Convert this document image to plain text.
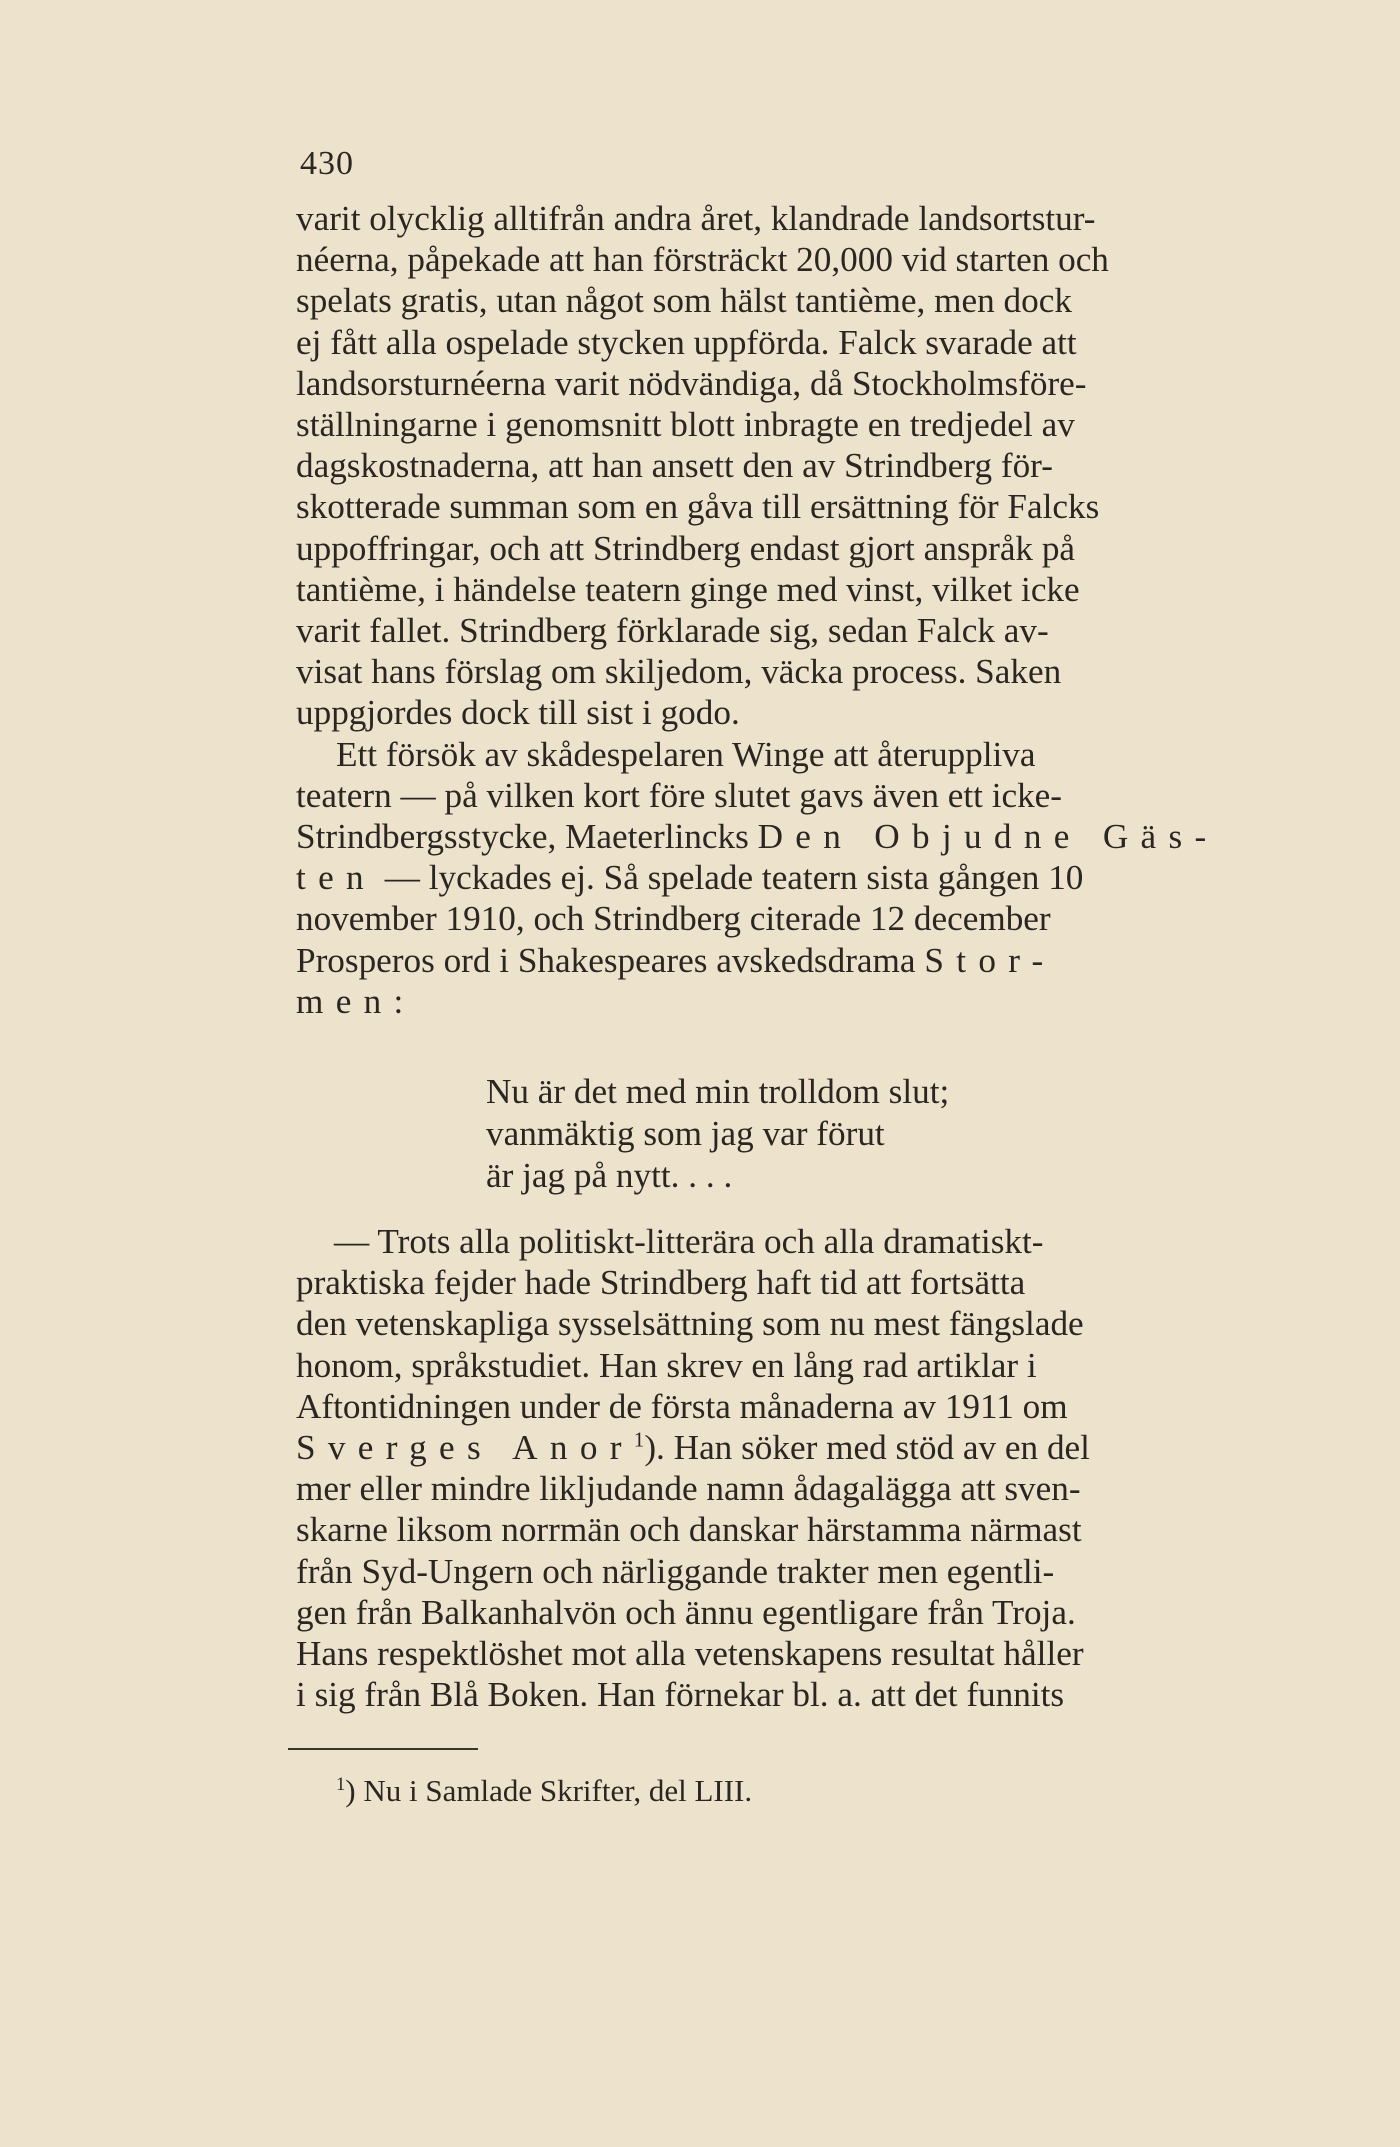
430
varit olycklig alltifrån andra året, klandrade landsortstur-
néerna, påpekade att han försträckt 20,000 vid starten och
spelats gratis, utan något som hälst tantième, men dock
ej fått alla ospelade stycken uppförda. Falck svarade att
landsorsturnéerna varit nödvändiga, då Stockholmsföre-
ställningarne i genomsnitt blott inbragte en tredjedel av
dagskostnaderna, att han ansett den av Strindberg för-
skotterade summan som en gåva till ersättning för Falcks
uppoffringar, och att Strindberg endast gjort anspråk på
tantième, i händelse teatern ginge med vinst, vilket icke
varit fallet. Strindberg förklarade sig, sedan Falck av-
visat hans förslag om skiljedom, väcka process. Saken
uppgjordes dock till sist i godo.
Ett försök av skådespelaren Winge att återuppliva
teatern — på vilken kort före slutet gavs även ett icke-
Strindbergsstycke, Maeterlincks Den Objudne Gäs-
ten — lyckades ej. Så spelade teatern sista gången 10
november 1910, och Strindberg citerade 12 december
Prosperos ord i Shakespeares avskedsdrama Stor-
men:
Nu är det med min trolldom slut;
vanmäktig som jag var förut
är jag på nytt. . . .
— Trots alla politiskt-litterära och alla dramatiskt-
praktiska fejder hade Strindberg haft tid att fortsätta
den vetenskapliga sysselsättning som nu mest fängslade
honom, språkstudiet. Han skrev en lång rad artiklar i
Aftontidningen under de första månaderna av 1911 om
Sverges Anor$^1$). Han söker med stöd av en del
mer eller mindre likljudande namn ådagalägga att sven-
skarne liksom norrmän och danskar härstamma närmast
från Syd-Ungern och närliggande trakter men egentli-
gen från Balkanhalvön och ännu egentligare från Troja.
Hans respektlöshet mot alla vetenskapens resultat håller
i sig från Blå Boken. Han förnekar bl. a. att det funnits
$^1$) Nu i Samlade Skrifter, del LIII.
